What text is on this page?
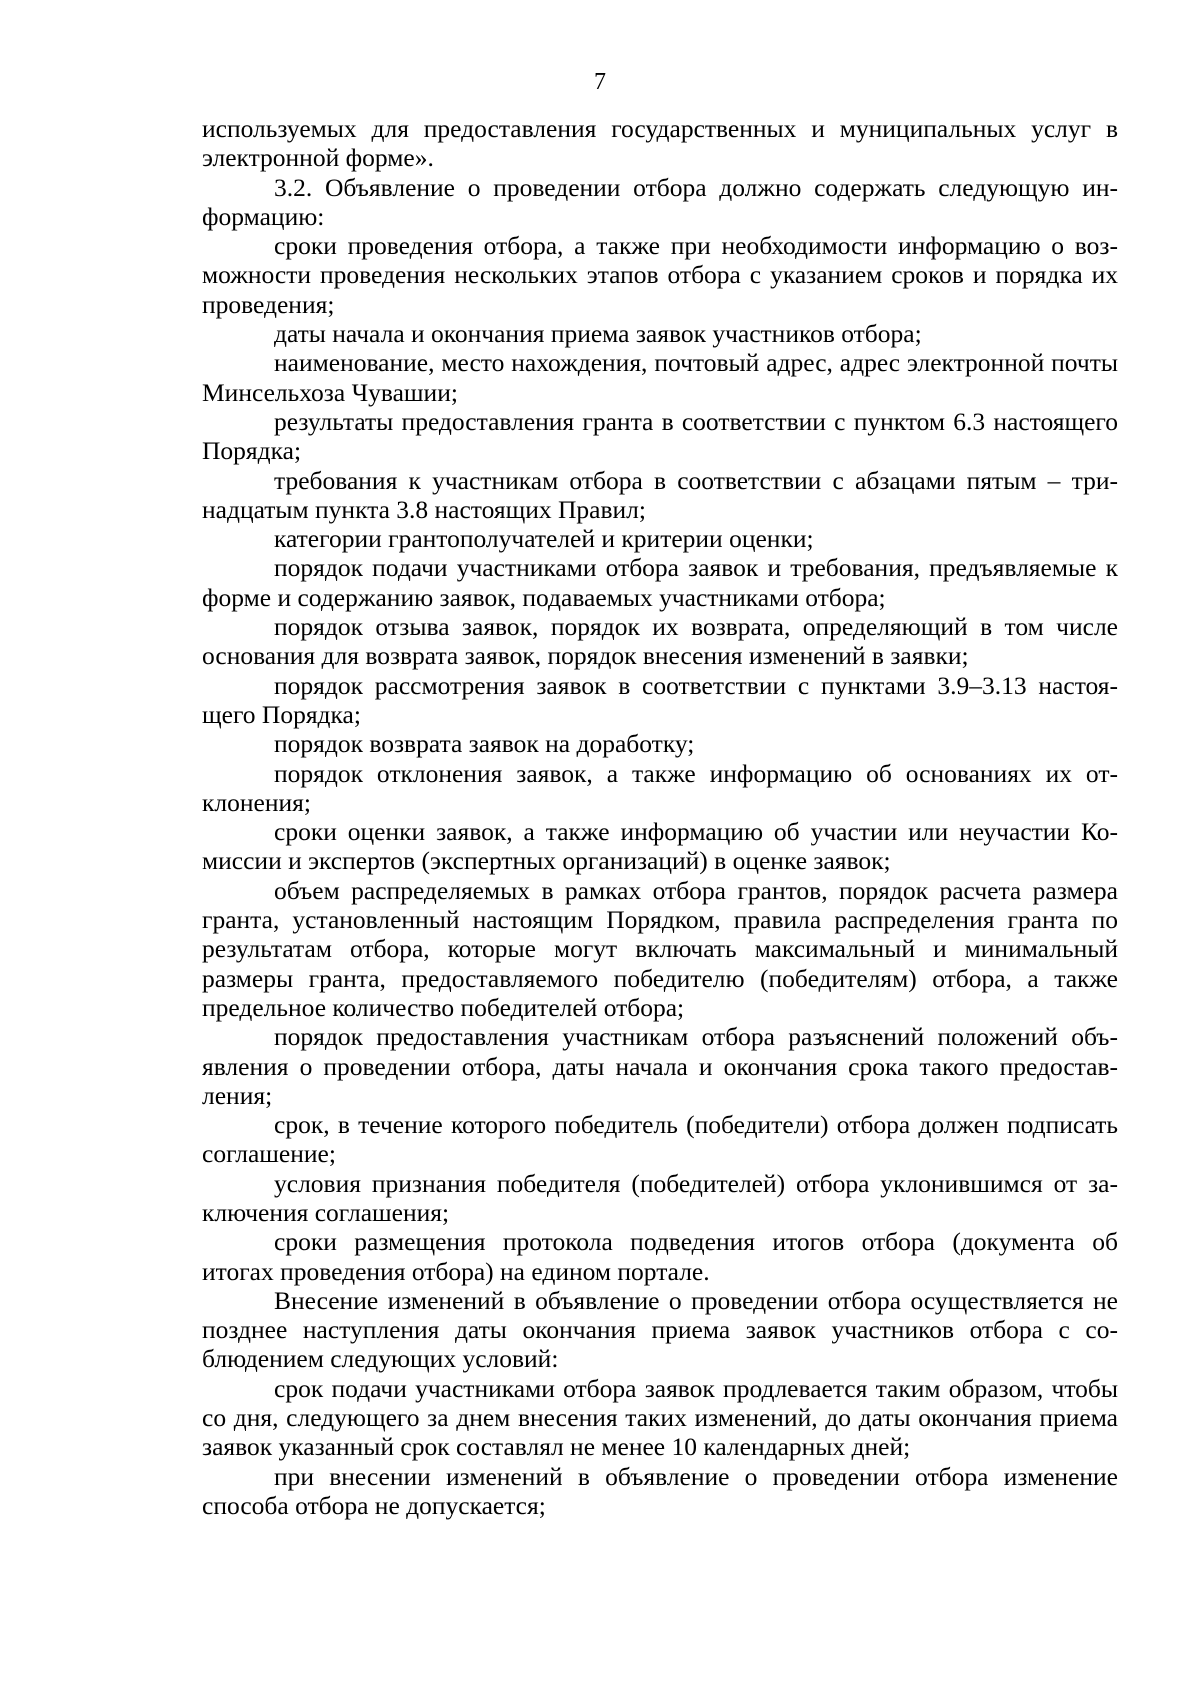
7

используемых для предоставления государственных и муниципальных услуг в электронной форме».

3.2. Объявление о проведении отбора должно содержать следующую информацию:

сроки проведения отбора, а также при необходимости информацию о возможности проведения нескольких этапов отбора с указанием сроков и порядка их проведения;

даты начала и окончания приема заявок участников отбора;

наименование, место нахождения, почтовый адрес, адрес электронной почты Минсельхоза Чувашии;

результаты предоставления гранта в соответствии с пунктом 6.3 настоящего Порядка;

требования к участникам отбора в соответствии с абзацами пятым – тринадцатым пункта 3.8 настоящих Правил;

категории грантополучателей и критерии оценки;

порядок подачи участниками отбора заявок и требования, предъявляемые к форме и содержанию заявок, подаваемых участниками отбора;

порядок отзыва заявок, порядок их возврата, определяющий в том числе основания для возврата заявок, порядок внесения изменений в заявки;

порядок рассмотрения заявок в соответствии с пунктами 3.9–3.13 настоящего Порядка;

порядок возврата заявок на доработку;

порядок отклонения заявок, а также информацию об основаниях их отклонения;

сроки оценки заявок, а также информацию об участии или неучастии Комиссии и экспертов (экспертных организаций) в оценке заявок;

объем распределяемых в рамках отбора грантов, порядок расчета размера гранта, установленный настоящим Порядком, правила распределения гранта по результатам отбора, которые могут включать максимальный и минимальный размеры гранта, предоставляемого победителю (победителям) отбора, а также предельное количество победителей отбора;

порядок предоставления участникам отбора разъяснений положений объявления о проведении отбора, даты начала и окончания срока такого предоставления;

срок, в течение которого победитель (победители) отбора должен подписать соглашение;

условия признания победителя (победителей) отбора уклонившимся от заключения соглашения;

сроки размещения протокола подведения итогов отбора (документа об итогах проведения отбора) на едином портале.

Внесение изменений в объявление о проведении отбора осуществляется не позднее наступления даты окончания приема заявок участников отбора с соблюдением следующих условий:

срок подачи участниками отбора заявок продлевается таким образом, чтобы со дня, следующего за днем внесения таких изменений, до даты окончания приема заявок указанный срок составлял не менее 10 календарных дней;

при внесении изменений в объявление о проведении отбора изменение способа отбора не допускается;
